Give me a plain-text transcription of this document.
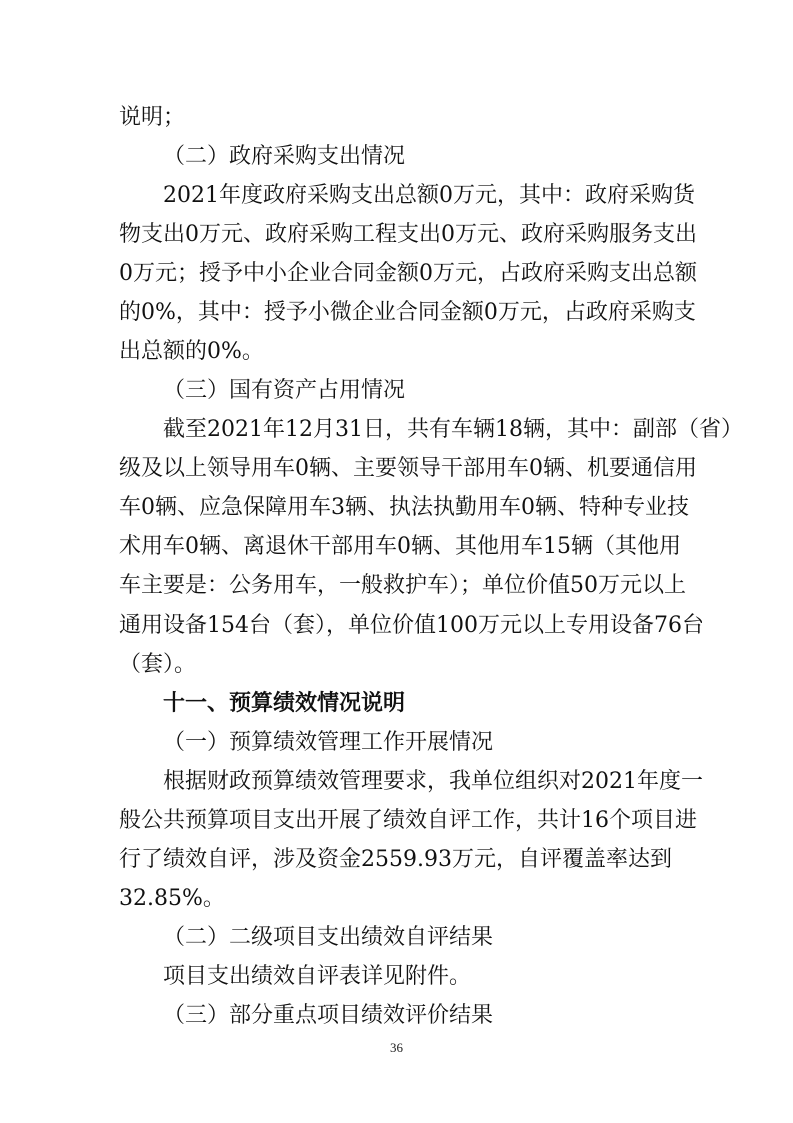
说明；

（二）政府采购支出情况

2021年度政府采购支出总额0万元，其中：政府采购货

物支出0万元、政府采购工程支出0万元、政府采购服务支出

0万元；授予中小企业合同金额0万元，占政府采购支出总额

的0%，其中：授予小微企业合同金额0万元，占政府采购支

出总额的0%。

（三）国有资产占用情况

截至2021年12月31日，共有车辆18辆，其中：副部（省）

级及以上领导用车0辆、主要领导干部用车0辆、机要通信用

车0辆、应急保障用车3辆、执法执勤用车0辆、特种专业技

术用车0辆、离退休干部用车0辆、其他用车15辆（其他用

车主要是：公务用车，一般救护车）；单位价值50万元以上

通用设备154台（套），单位价值100万元以上专用设备76台

（套）。

十一、预算绩效情况说明

（一）预算绩效管理工作开展情况

根据财政预算绩效管理要求，我单位组织对2021年度一

般公共预算项目支出开展了绩效自评工作，共计16个项目进

行了绩效自评，涉及资金2559.93万元，自评覆盖率达到

32.85%。

（二）二级项目支出绩效自评结果

项目支出绩效自评表详见附件。

（三）部分重点项目绩效评价结果

36
